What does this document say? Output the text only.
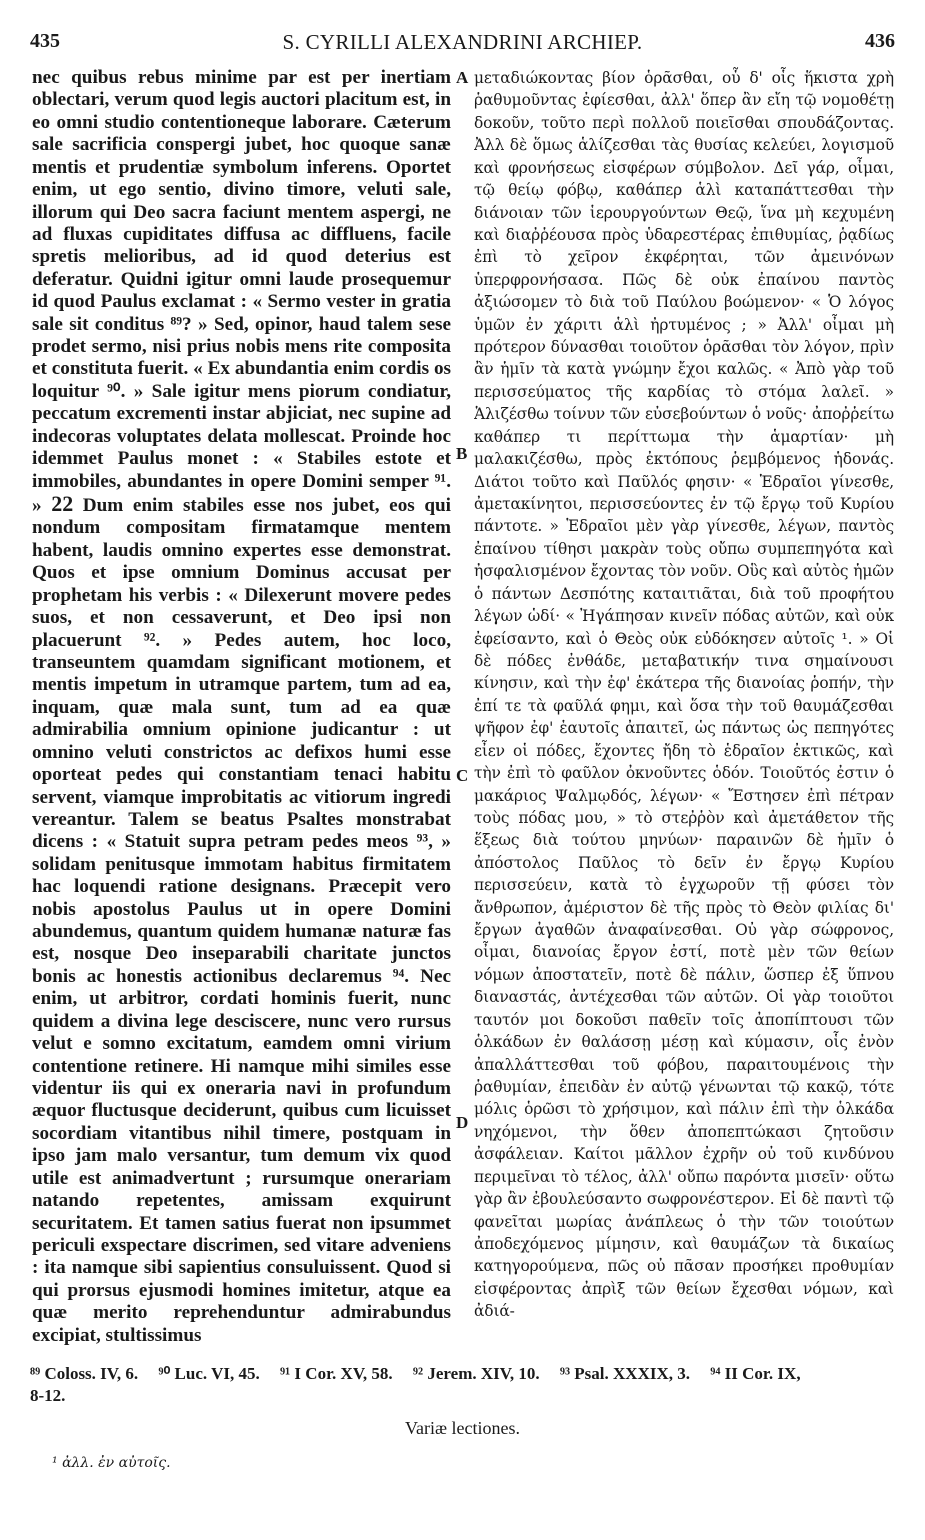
435	S. CYRILLI ALEXANDRINI ARCHIEP.	436

nec quibus rebus minime par est per inertiam oblectari, verum quod legis auctori placitum est, in eo omni studio contentioneque laborare. Cæterum sale sacrificia conspergi jubet, hoc quoque sanæ mentis et prudentiæ symbolum inferens. Oportet enim, ut ego sentio, divino timore, veluti sale, illorum qui Deo sacra faciunt mentem aspergi, ne ad fluxas cupiditates diffusa ac diffluens, facile spretis melioribus, ad id quod deterius est deferatur. Quidni igitur omni laude prosequemur id quod Paulus exclamat : « Sermo vester in gratia sale sit conditus ⁸⁹? » Sed, opinor, haud talem sese prodet sermo, nisi prius nobis mens rite composita et constituta fuerit. « Ex abundantia enim cordis os loquitur ⁹⁰. » Sale igitur mens piorum condiatur, peccatum excrementi instar abjiciat, nec supine ad indecoras voluptates delata mollescat. Proinde hoc idemmet Paulus monet : « Stabiles estote et immobiles, abundantes in opere Domini semper ⁹¹. » 22 Dum enim stabiles esse nos jubet, eos qui nondum compositam firmatamque mentem habent, laudis omnino expertes esse demonstrat. Quos et ipse omnium Dominus accusat per prophetam his verbis : « Dilexerunt movere pedes suos, et non cessaverunt, et Deo ipsi non placuerunt ⁹². » Pedes autem, hoc loco, transeuntem quamdam significant motionem, et mentis impetum in utramque partem, tum ad ea, inquam, quæ mala sunt, tum ad ea quæ admirabilia omnium opinione judicantur : ut omnino veluti constrictos ac defixos humi esse oporteat pedes qui constantiam tenaci habitu servent, viamque improbitatis ac vitiorum ingredi vereantur. Talem se beatus Psaltes monstrabat dicens : « Statuit supra petram pedes meos ⁹³, » solidam penitusque immotam habitus firmitatem hac loquendi ratione designans. Præcepit vero nobis apostolus Paulus ut in opere Domini abundemus, quantum quidem humanæ naturæ fas est, nosque Deo inseparabili charitate junctos bonis ac honestis actionibus declaremus ⁹⁴. Nec enim, ut arbitror, cordati hominis fuerit, nunc quidem a divina lege desciscere, nunc vero rursus velut e somno excitatum, eamdem omni virium contentione retinere. Hi namque mihi similes esse videntur iis qui ex oneraria navi in profundum æquor fluctusque deciderunt, quibus cum licuisset socordiam vitantibus nihil timere, postquam in ipso jam malo versantur, tum demum vix quod utile est animadvertunt ; rursumque onerariam natando repetentes, amissam exquirunt securitatem. Et tamen satius fuerat non ipsummet periculi exspectare discrimen, sed vitare adveniens : ita namque sibi sapientius consuluissent. Quod si qui prorsus ejusmodi homines imitetur, atque ea quæ merito reprehenduntur admirabundus excipiat, stultissimus

A
B
C
D

μεταδιώκοντας βίον ὁρᾶσθαι, οὗ δ' οἷς ἥκιστα χρὴ ῥαθυμοῦντας ἐφίεσθαι, ἀλλ' ὅπερ ἂν εἴη τῷ νομοθέτῃ δοκοῦν, τοῦτο περὶ πολλοῦ ποιεῖσθαι σπουδάζοντας. Ἀλλ δὲ ὅμως ἁλίζεσθαι τὰς θυσίας κελεύει, λογισμοῦ καὶ φρονήσεως εἰσφέρων σύμβολον. Δεῖ γάρ, οἶμαι, τῷ θείῳ φόβῳ, καθάπερ ἁλὶ καταπάττεσθαι τὴν διάνοιαν τῶν ἱερουργούντων Θεῷ, ἵνα μὴ κεχυμένη καὶ διαῤῥέουσα πρὸς ὑδαρεστέρας ἐπιθυμίας, ῥᾳδίως ἐπὶ τὸ χεῖρον ἐκφέρηται, τῶν ἀμεινόνων ὑπερφρονήσασα. Πῶς δὲ οὐκ ἐπαίνου παντὸς ἀξιώσομεν τὸ διὰ τοῦ Παύλου βοώμενον· « Ὁ λόγος ὑμῶν ἐν χάριτι ἁλὶ ἠρτυμένος ; » Ἀλλ' οἶμαι μὴ πρότερον δύνασθαι τοιοῦτον ὁρᾶσθαι τὸν λόγον, πρὶν ἂν ἡμῖν τὰ κατὰ γνώμην ἔχοι καλῶς. « Ἀπὸ γὰρ τοῦ περισσεύματος τῆς καρδίας τὸ στόμα λαλεῖ. » Ἁλιζέσθω τοίνυν τῶν εὐσεβούντων ὁ νοῦς· ἀποῤῥείτω καθάπερ τι περίττωμα τὴν ἁμαρτίαν· μὴ μαλακιζέσθω, πρὸς ἐκτόπους ῥεμβόμενος ἡδονάς. Διάτοι τοῦτο καὶ Παῦλός φησιν· « Ἑδραῖοι γίνεσθε, ἀμετακίνητοι, περισσεύοντες ἐν τῷ ἔργῳ τοῦ Κυρίου πάντοτε. » Ἑδραῖοι μὲν γὰρ γίνεσθε, λέγων, παντὸς ἐπαίνου τίθησι μακρὰν τοὺς οὔπω συμπεπηγότα καὶ ἠσφαλισμένον ἔχοντας τὸν νοῦν. Οὓς καὶ αὐτὸς ἡμῶν ὁ πάντων Δεσπότης καταιτιᾶται, διὰ τοῦ προφήτου λέγων ὡδί· « Ἠγάπησαν κινεῖν πόδας αὐτῶν, καὶ οὐκ ἐφείσαντο, καὶ ὁ Θεὸς οὐκ εὐδόκησεν αὐτοῖς ¹. » Οἱ δὲ πόδες ἐνθάδε, μεταβατικήν τινα σημαίνουσι κίνησιν, καὶ τὴν ἐφ' ἑκάτερα τῆς διανοίας ῥοπήν, τὴν ἐπί τε τὰ φαῦλά φημι, καὶ ὅσα τὴν τοῦ θαυμάζεσθαι ψῆφον ἐφ' ἑαυτοῖς ἀπαιτεῖ, ὡς πάντως ὡς πεπηγότες εἶεν οἱ πόδες, ἔχοντες ἤδη τὸ ἑδραῖον ἐκτικῶς, καὶ τὴν ἐπὶ τὸ φαῦλον ὀκνοῦντες ὁδόν. Τοιοῦτός ἐστιν ὁ μακάριος Ψαλμῳδός, λέγων· « Ἔστησεν ἐπὶ πέτραν τοὺς πόδας μου, » τὸ στεῤῥὸν καὶ ἀμετάθετον τῆς ἕξεως διὰ τούτου μηνύων· παραινῶν δὲ ἡμῖν ὁ ἀπόστολος Παῦλος τὸ δεῖν ἐν ἔργῳ Κυρίου περισσεύειν, κατὰ τὸ ἐγχωροῦν τῇ φύσει τὸν ἄνθρωπον, ἀμέριστον δὲ τῆς πρὸς τὸ Θεὸν φιλίας δι' ἔργων ἀγαθῶν ἀναφαίνεσθαι. Οὐ γὰρ σώφρονος, οἶμαι, διανοίας ἔργον ἐστί, ποτὲ μὲν τῶν θείων νόμων ἀποστατεῖν, ποτὲ δὲ πάλιν, ὥσπερ ἐξ ὕπνου διαναστάς, ἀντέχεσθαι τῶν αὐτῶν. Οἱ γὰρ τοιοῦτοι ταυτόν μοι δοκοῦσι παθεῖν τοῖς ἀποπίπτουσι τῶν ὁλκάδων ἐν θαλάσσῃ μέσῃ καὶ κύμασιν, οἷς ἐνὸν ἀπαλλάττεσθαι τοῦ φόβου, παραιτουμένοις τὴν ῥαθυμίαν, ἐπειδὰν ἐν αὐτῷ γένωνται τῷ κακῷ, τότε μόλις ὁρῶσι τὸ χρήσιμον, καὶ πάλιν ἐπὶ τὴν ὁλκάδα νηχόμενοι, τὴν ὅθεν ἀποπεπτώκασι ζητοῦσιν ἀσφάλειαν. Καίτοι μᾶλλον ἐχρῆν οὐ τοῦ κινδύνου περιμεῖναι τὸ τέλος, ἀλλ' οὔπω παρόντα μισεῖν· οὕτω γὰρ ἂν ἐβουλεύσαντο σωφρονέστερον. Εἰ δὲ παντὶ τῷ φανεῖται μωρίας ἀνάπλεως ὁ τὴν τῶν τοιούτων ἀποδεχόμενος μίμησιν, καὶ θαυμάζων τὰ δικαίως κατηγορούμενα, πῶς οὐ πᾶσαν προσήκει προθυμίαν εἰσφέροντας ἀπρὶξ τῶν θείων ἔχεσθαι νόμων, καὶ ἀδιά-

⁸⁹ Coloss. IV, 6. ⁹⁰ Luc. VI, 45. ⁹¹ I Cor. XV, 58. ⁹² Jerem. XIV, 10. ⁹³ Psal. XXXIX, 3. ⁹⁴ II Cor. IX,
8-12.
Variæ lectiones.
¹ ἀλλ. ἐν αὐτοῖς.
